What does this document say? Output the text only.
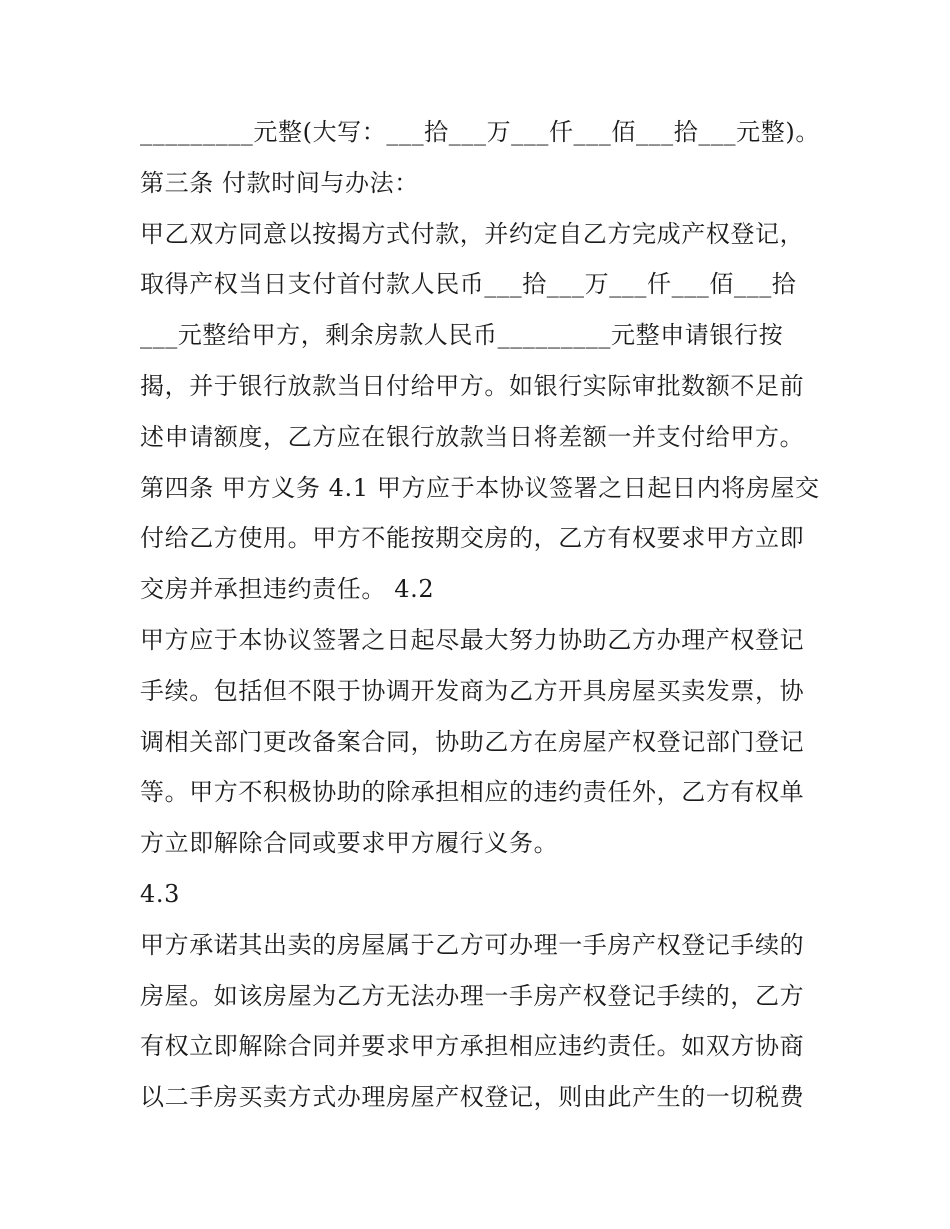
_________元整(大写：___拾___万___仟___佰___拾___元整)。
第三条 付款时间与办法：
甲乙双方同意以按揭方式付款，并约定自乙方完成产权登记，
取得产权当日支付首付款人民币___拾___万___仟___佰___拾
___元整给甲方，剩余房款人民币_________元整申请银行按
揭，并于银行放款当日付给甲方。如银行实际审批数额不足前
述申请额度，乙方应在银行放款当日将差额一并支付给甲方。
第四条 甲方义务 4.1 甲方应于本协议签署之日起日内将房屋交
付给乙方使用。甲方不能按期交房的，乙方有权要求甲方立即
交房并承担违约责任。 4.2
甲方应于本协议签署之日起尽最大努力协助乙方办理产权登记
手续。包括但不限于协调开发商为乙方开具房屋买卖发票，协
调相关部门更改备案合同，协助乙方在房屋产权登记部门登记
等。甲方不积极协助的除承担相应的违约责任外，乙方有权单
方立即解除合同或要求甲方履行义务。
4.3
甲方承诺其出卖的房屋属于乙方可办理一手房产权登记手续的
房屋。如该房屋为乙方无法办理一手房产权登记手续的，乙方
有权立即解除合同并要求甲方承担相应违约责任。如双方协商
以二手房买卖方式办理房屋产权登记，则由此产生的一切税费
